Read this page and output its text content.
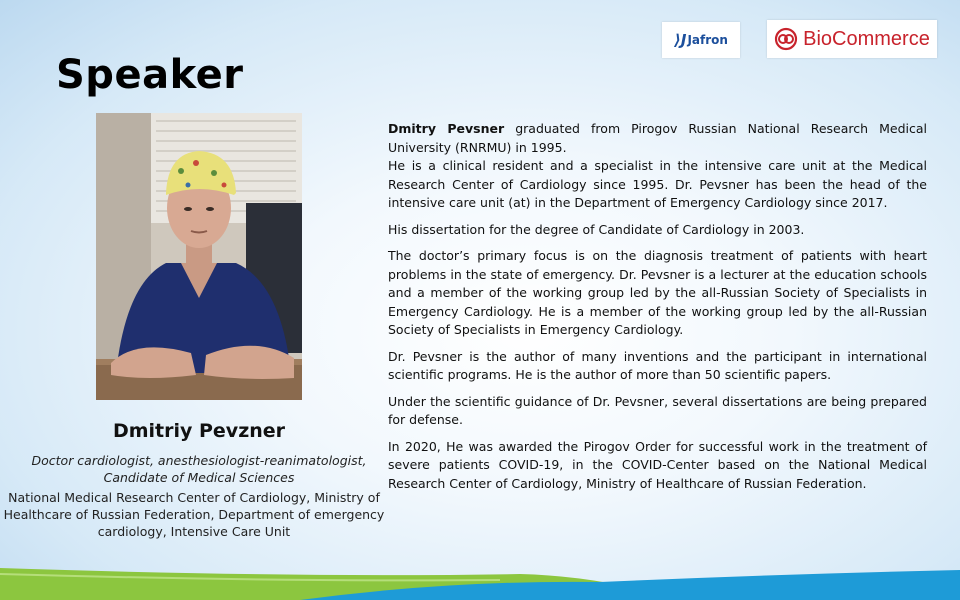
Speaker
⟩J Jafron	BioCommerce
Dmitriy Pevzner
Doctor cardiologist, anesthesiologist-reanimatologist,
Candidate of Medical Sciences
National Medical Research Center of Cardiology, Ministry of Healthcare of Russian Federation, Department of emergency cardiology, Intensive Care Unit

Dmitry Pevsner graduated from Pirogov Russian National Research Medical University (RNRMU) in 1995.

He is a clinical resident and a specialist in the intensive care unit at the Medical Research Center of Cardiology since 1995. Dr. Pevsner has been the head of the intensive care unit (at) in the Department of Emergency Cardiology since 2017.

His dissertation for the degree of Candidate of Cardiology in 2003.

The doctor’s primary focus is on the diagnosis treatment of patients with heart problems in the state of emergency. Dr. Pevsner is a lecturer at the education schools and a member of the working group led by the all-Russian Society of Specialists in Emergency Cardiology. He is a member of the working group led by the all-Russian Society of Specialists in Emergency Cardiology.

Dr. Pevsner is the author of many inventions and the participant in international scientific programs. He is the author of more than 50 scientific papers.

Under the scientific guidance of Dr. Pevsner, several dissertations are being prepared for defense.

In 2020, He was awarded the Pirogov Order for successful work in the treatment of severe patients COVID-19, in the COVID-Center based on the National Medical Research Center of Cardiology, Ministry of Healthcare of Russian Federation.
